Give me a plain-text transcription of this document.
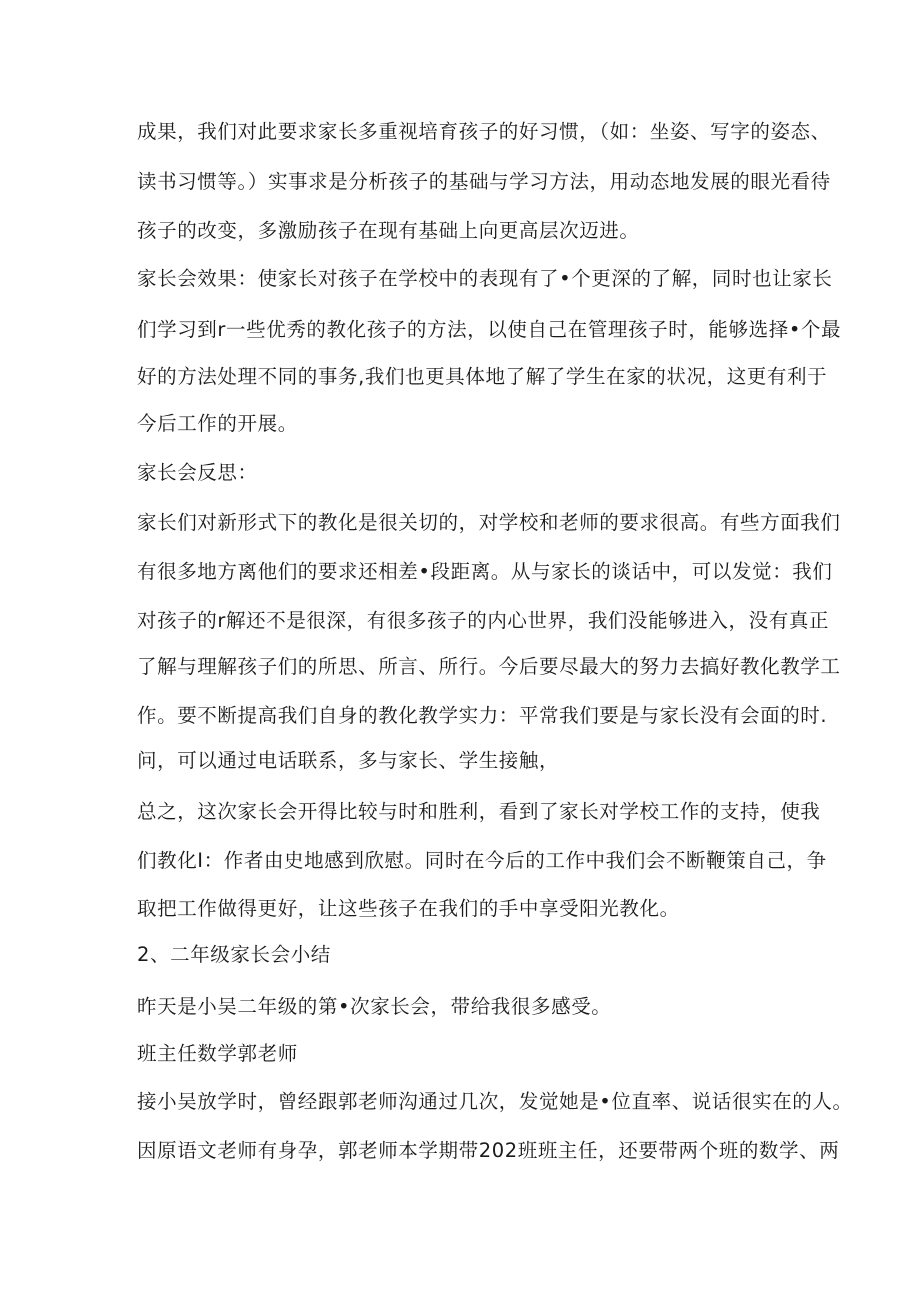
成果，我们对此要求家长多重视培育孩子的好习惯，（如：坐姿、写字的姿态、
读书习惯等。）实事求是分析孩子的基础与学习方法，用动态地发展的眼光看待
孩子的改变，多激励孩子在现有基础上向更高层次迈进。
家长会效果：使家长对孩子在学校中的表现有了•个更深的了解，同时也让家长
们学习到r一些优秀的教化孩子的方法，以使自己在管理孩子时，能够选择•个最
好的方法处理不同的事务,我们也更具体地了解了学生在家的状况，这更有利于
今后工作的开展。
家长会反思：
家长们对新形式下的教化是很关切的，对学校和老师的要求很高。有些方面我们
有很多地方离他们的要求还相差•段距离。从与家长的谈话中，可以发觉：我们
对孩子的r解还不是很深，有很多孩子的内心世界，我们没能够进入，没有真正
了解与理解孩子们的所思、所言、所行。今后要尽最大的努力去搞好教化教学工
作。要不断提高我们自身的教化教学实力：平常我们要是与家长没有会面的时.
问，可以通过电话联系，多与家长、学生接触，
总之，这次家长会开得比较与时和胜利，看到了家长对学校工作的支持，使我
们教化I：作者由史地感到欣慰。同时在今后的工作中我们会不断鞭策自己，争
取把工作做得更好，让这些孩子在我们的手中享受阳光教化。
2、二年级家长会小结
昨天是小吴二年级的第•次家长会，带给我很多感受。
班主任数学郭老师
接小吴放学时，曾经跟郭老师沟通过几次，发觉她是•位直率、说话很实在的人。
因原语文老师有身孕，郭老师本学期带202班班主任，还要带两个班的数学、两
